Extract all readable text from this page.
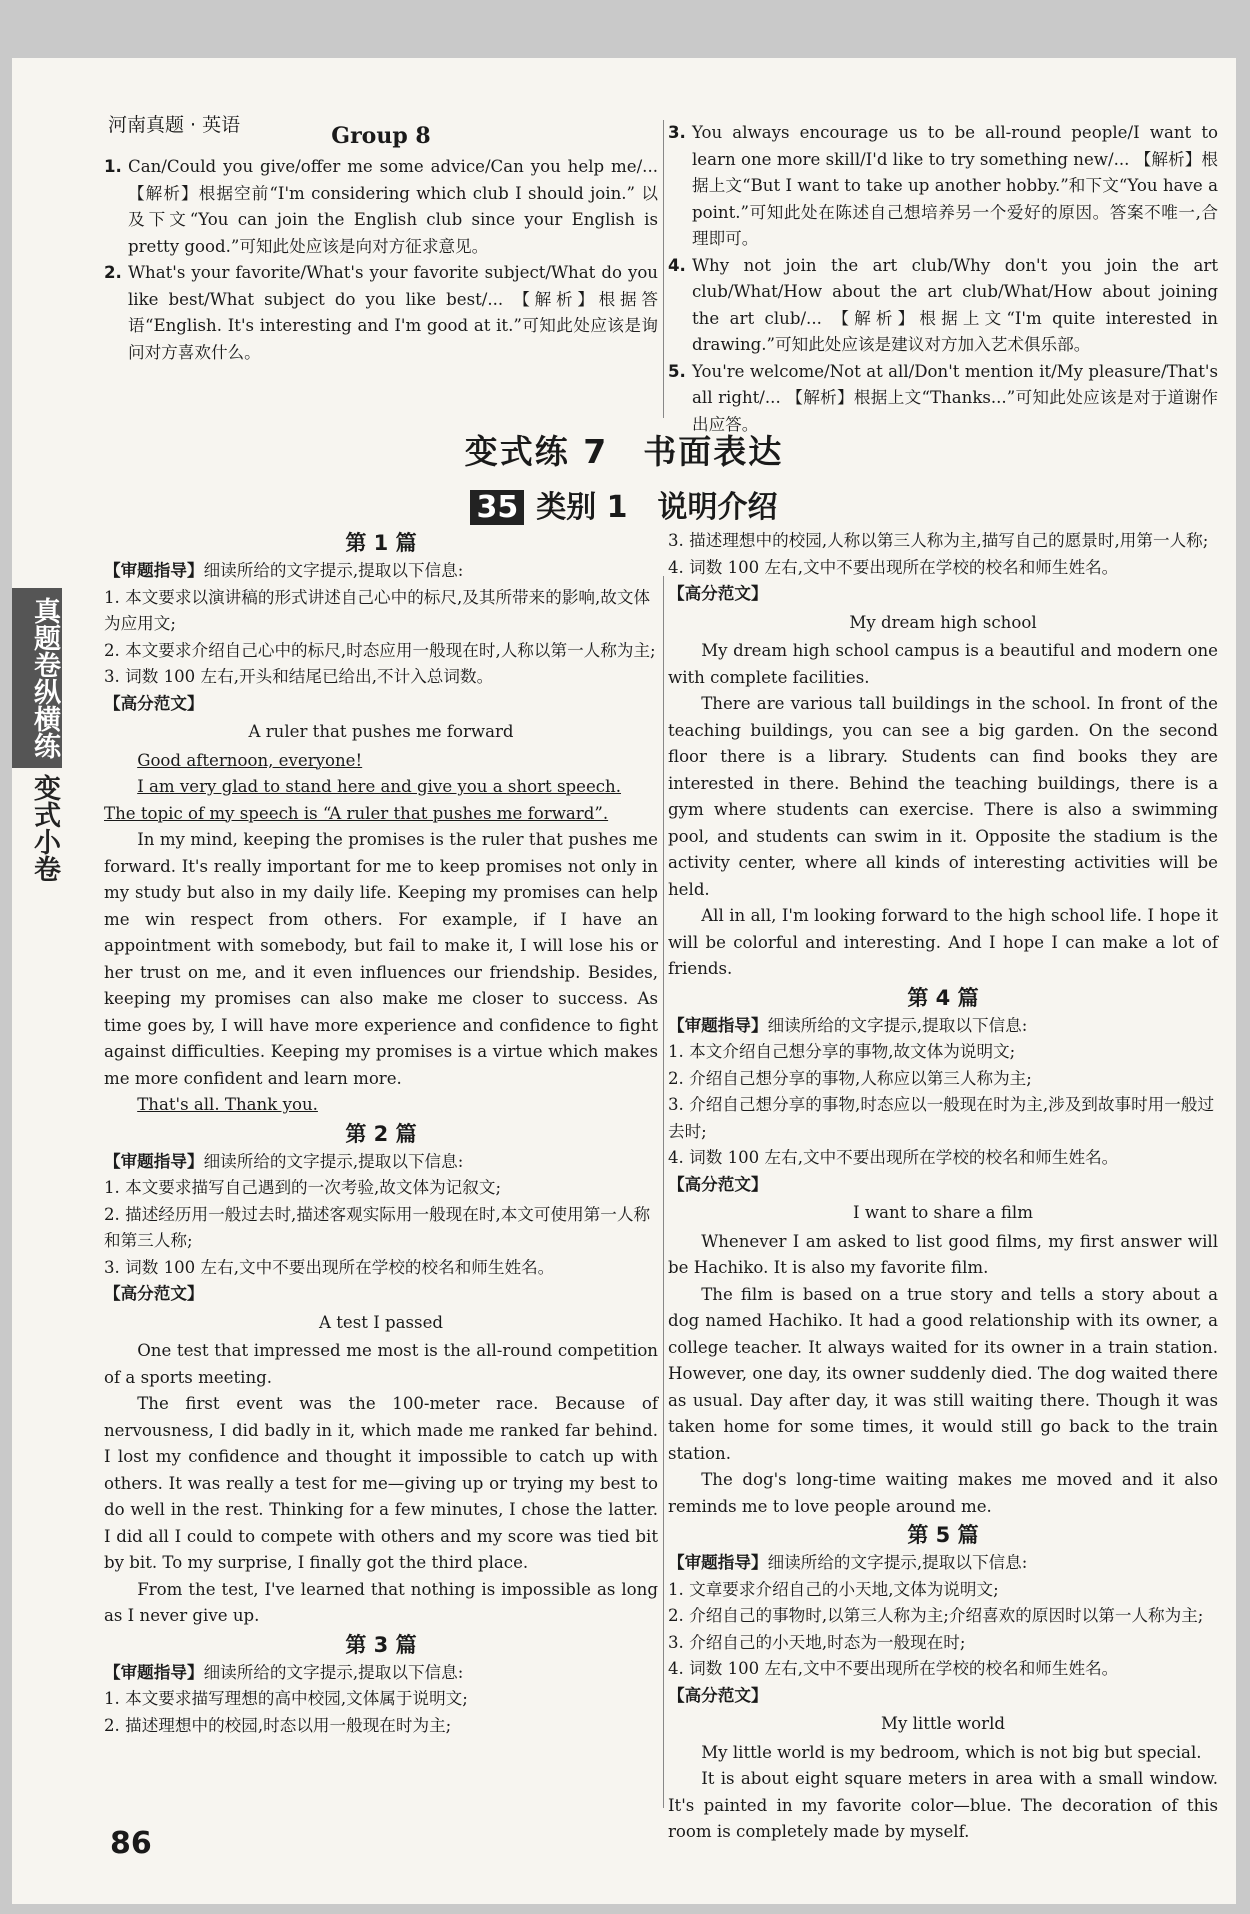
河南真题 · 英语
真题卷纵横练
变式小卷
Group 8
1. Can/Could you give/offer me some advice/Can you help me/... 【解析】根据空前“I'm considering which club I should join.” 以及下文“You can join the English club since your English is pretty good.”可知此处应该是向对方征求意见。
2. What's your favorite/What's your favorite subject/What do you like best/What subject do you like best/... 【解析】根据答语“English. It's interesting and I'm good at it.”可知此处应该是询问对方喜欢什么。
3. You always encourage us to be all-round people/I want to learn one more skill/I'd like to try something new/... 【解析】根据上文“But I want to take up another hobby.”和下文“You have a point.”可知此处在陈述自己想培养另一个爱好的原因。答案不唯一,合理即可。
4. Why not join the art club/Why don't you join the art club/What/How about the art club/What/How about joining the art club/... 【解析】根据上文“I'm quite interested in drawing.”可知此处应该是建议对方加入艺术俱乐部。
5. You're welcome/Not at all/Don't mention it/My pleasure/That's all right/... 【解析】根据上文“Thanks...”可知此处应该是对于道谢作出应答。
变式练 7　书面表达
35 类别 1　说明介绍
第 1 篇
【审题指导】细读所给的文字提示,提取以下信息:
1. 本文要求以演讲稿的形式讲述自己心中的标尺,及其所带来的影响,故文体为应用文;
2. 本文要求介绍自己心中的标尺,时态应用一般现在时,人称以第一人称为主;
3. 词数 100 左右,开头和结尾已给出,不计入总词数。
【高分范文】
A ruler that pushes me forward
Good afternoon, everyone!
I am very glad to stand here and give you a short speech.
The topic of my speech is “A ruler that pushes me forward”.
In my mind, keeping the promises is the ruler that pushes me forward. It's really important for me to keep promises not only in my study but also in my daily life. Keeping my promises can help me win respect from others. For example, if I have an appointment with somebody, but fail to make it, I will lose his or her trust on me, and it even influences our friendship. Besides, keeping my promises can also make me closer to success. As time goes by, I will have more experience and confidence to fight against difficulties. Keeping my promises is a virtue which makes me more confident and learn more.
That's all. Thank you.
第 2 篇
【审题指导】细读所给的文字提示,提取以下信息:
1. 本文要求描写自己遇到的一次考验,故文体为记叙文;
2. 描述经历用一般过去时,描述客观实际用一般现在时,本文可使用第一人称和第三人称;
3. 词数 100 左右,文中不要出现所在学校的校名和师生姓名。
【高分范文】
A test I passed
One test that impressed me most is the all-round competition of a sports meeting.
The first event was the 100-meter race. Because of nervousness, I did badly in it, which made me ranked far behind. I lost my confidence and thought it impossible to catch up with others. It was really a test for me—giving up or trying my best to do well in the rest. Thinking for a few minutes, I chose the latter. I did all I could to compete with others and my score was tied bit by bit. To my surprise, I finally got the third place.
From the test, I've learned that nothing is impossible as long as I never give up.
第 3 篇
【审题指导】细读所给的文字提示,提取以下信息:
1. 本文要求描写理想的高中校园,文体属于说明文;
2. 描述理想中的校园,时态以用一般现在时为主;
3. 描述理想中的校园,人称以第三人称为主,描写自己的愿景时,用第一人称;
4. 词数 100 左右,文中不要出现所在学校的校名和师生姓名。
【高分范文】
My dream high school
My dream high school campus is a beautiful and modern one with complete facilities.
There are various tall buildings in the school. In front of the teaching buildings, you can see a big garden. On the second floor there is a library. Students can find books they are interested in there. Behind the teaching buildings, there is a gym where students can exercise. There is also a swimming pool, and students can swim in it. Opposite the stadium is the activity center, where all kinds of interesting activities will be held.
All in all, I'm looking forward to the high school life. I hope it will be colorful and interesting. And I hope I can make a lot of friends.
第 4 篇
【审题指导】细读所给的文字提示,提取以下信息:
1. 本文介绍自己想分享的事物,故文体为说明文;
2. 介绍自己想分享的事物,人称应以第三人称为主;
3. 介绍自己想分享的事物,时态应以一般现在时为主,涉及到故事时用一般过去时;
4. 词数 100 左右,文中不要出现所在学校的校名和师生姓名。
【高分范文】
I want to share a film
Whenever I am asked to list good films, my first answer will be Hachiko. It is also my favorite film.
The film is based on a true story and tells a story about a dog named Hachiko. It had a good relationship with its owner, a college teacher. It always waited for its owner in a train station. However, one day, its owner suddenly died. The dog waited there as usual. Day after day, it was still waiting there. Though it was taken home for some times, it would still go back to the train station.
The dog's long-time waiting makes me moved and it also reminds me to love people around me.
第 5 篇
【审题指导】细读所给的文字提示,提取以下信息:
1. 文章要求介绍自己的小天地,文体为说明文;
2. 介绍自己的事物时,以第三人称为主;介绍喜欢的原因时以第一人称为主;
3. 介绍自己的小天地,时态为一般现在时;
4. 词数 100 左右,文中不要出现所在学校的校名和师生姓名。
【高分范文】
My little world
My little world is my bedroom, which is not big but special.
It is about eight square meters in area with a small window. It's painted in my favorite color—blue. The decoration of this room is completely made by myself.
86
